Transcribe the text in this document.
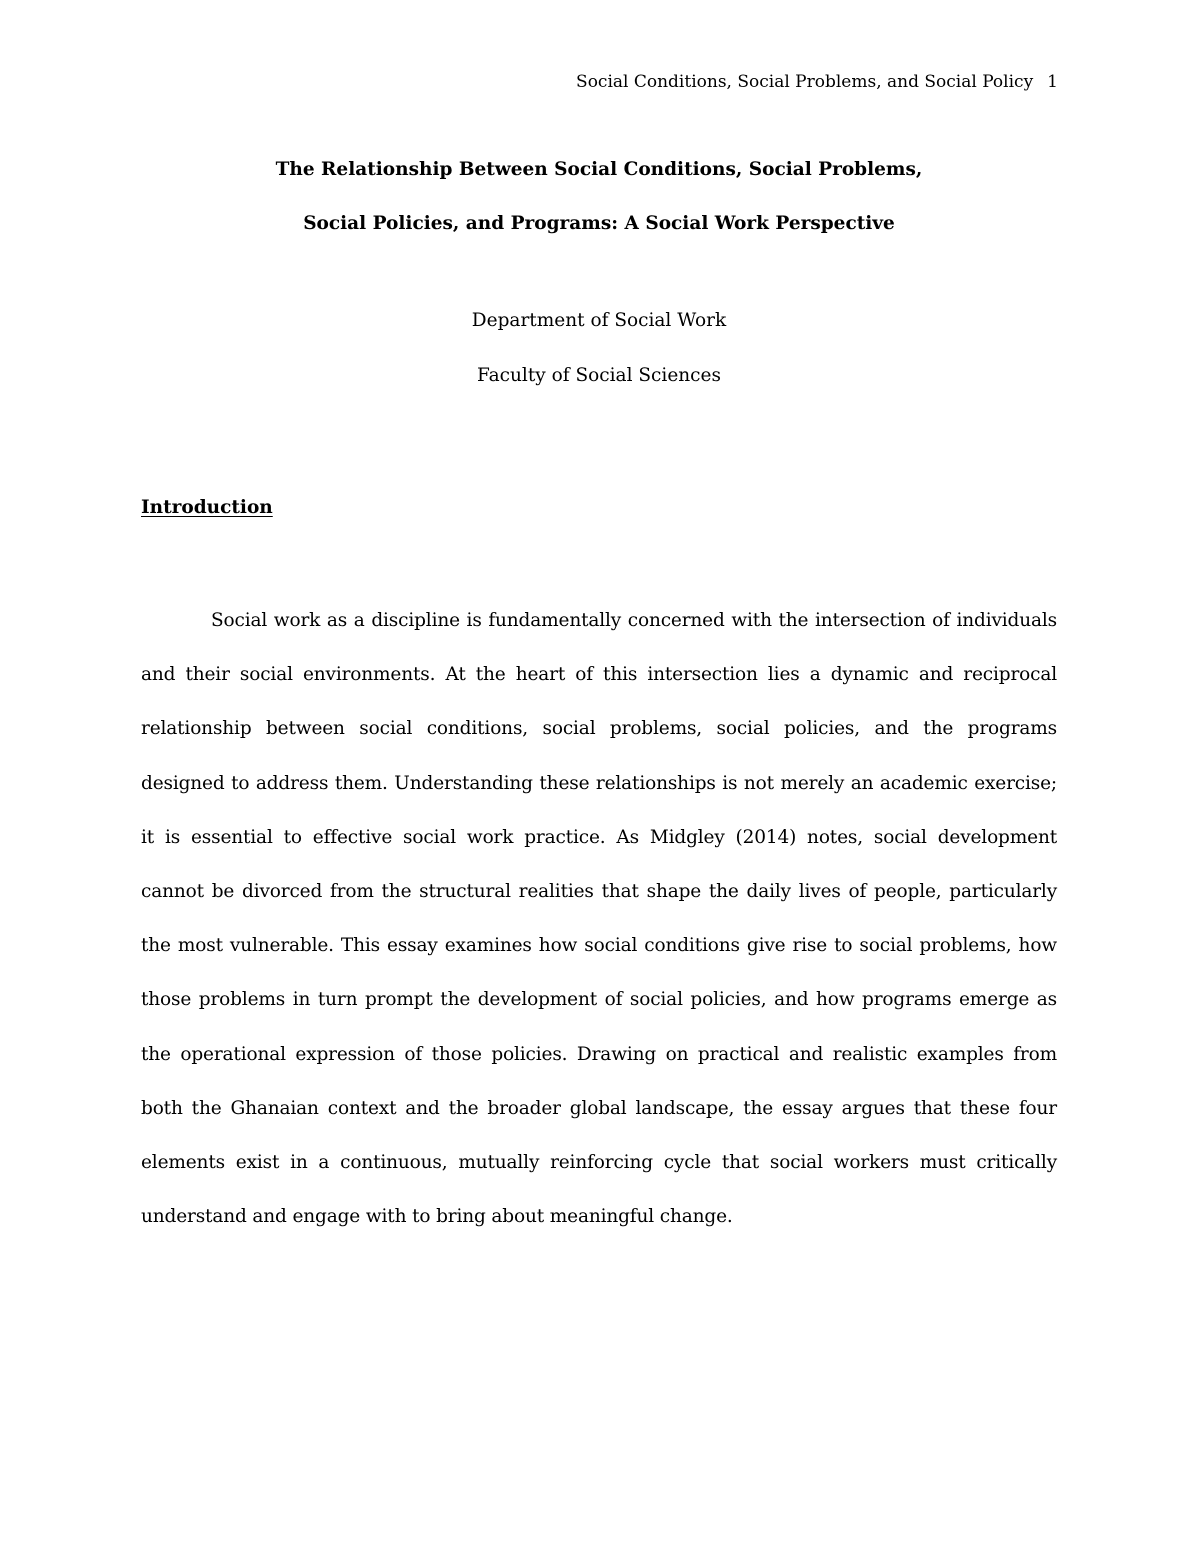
Social Conditions, Social Problems, and Social Policy 1
The Relationship Between Social Conditions, Social Problems,
Social Policies, and Programs: A Social Work Perspective
Department of Social Work
Faculty of Social Sciences
Introduction

Social work as a discipline is fundamentally concerned with the intersection of individuals and their social environments. At the heart of this intersection lies a dynamic and reciprocal relationship between social conditions, social problems, social policies, and the programs designed to address them. Understanding these relationships is not merely an academic exercise; it is essential to effective social work practice. As Midgley (2014) notes, social development cannot be divorced from the structural realities that shape the daily lives of people, particularly the most vulnerable. This essay examines how social conditions give rise to social problems, how those problems in turn prompt the development of social policies, and how programs emerge as the operational expression of those policies. Drawing on practical and realistic examples from both the Ghanaian context and the broader global landscape, the essay argues that these four elements exist in a continuous, mutually reinforcing cycle that social workers must critically understand and engage with to bring about meaningful change.
